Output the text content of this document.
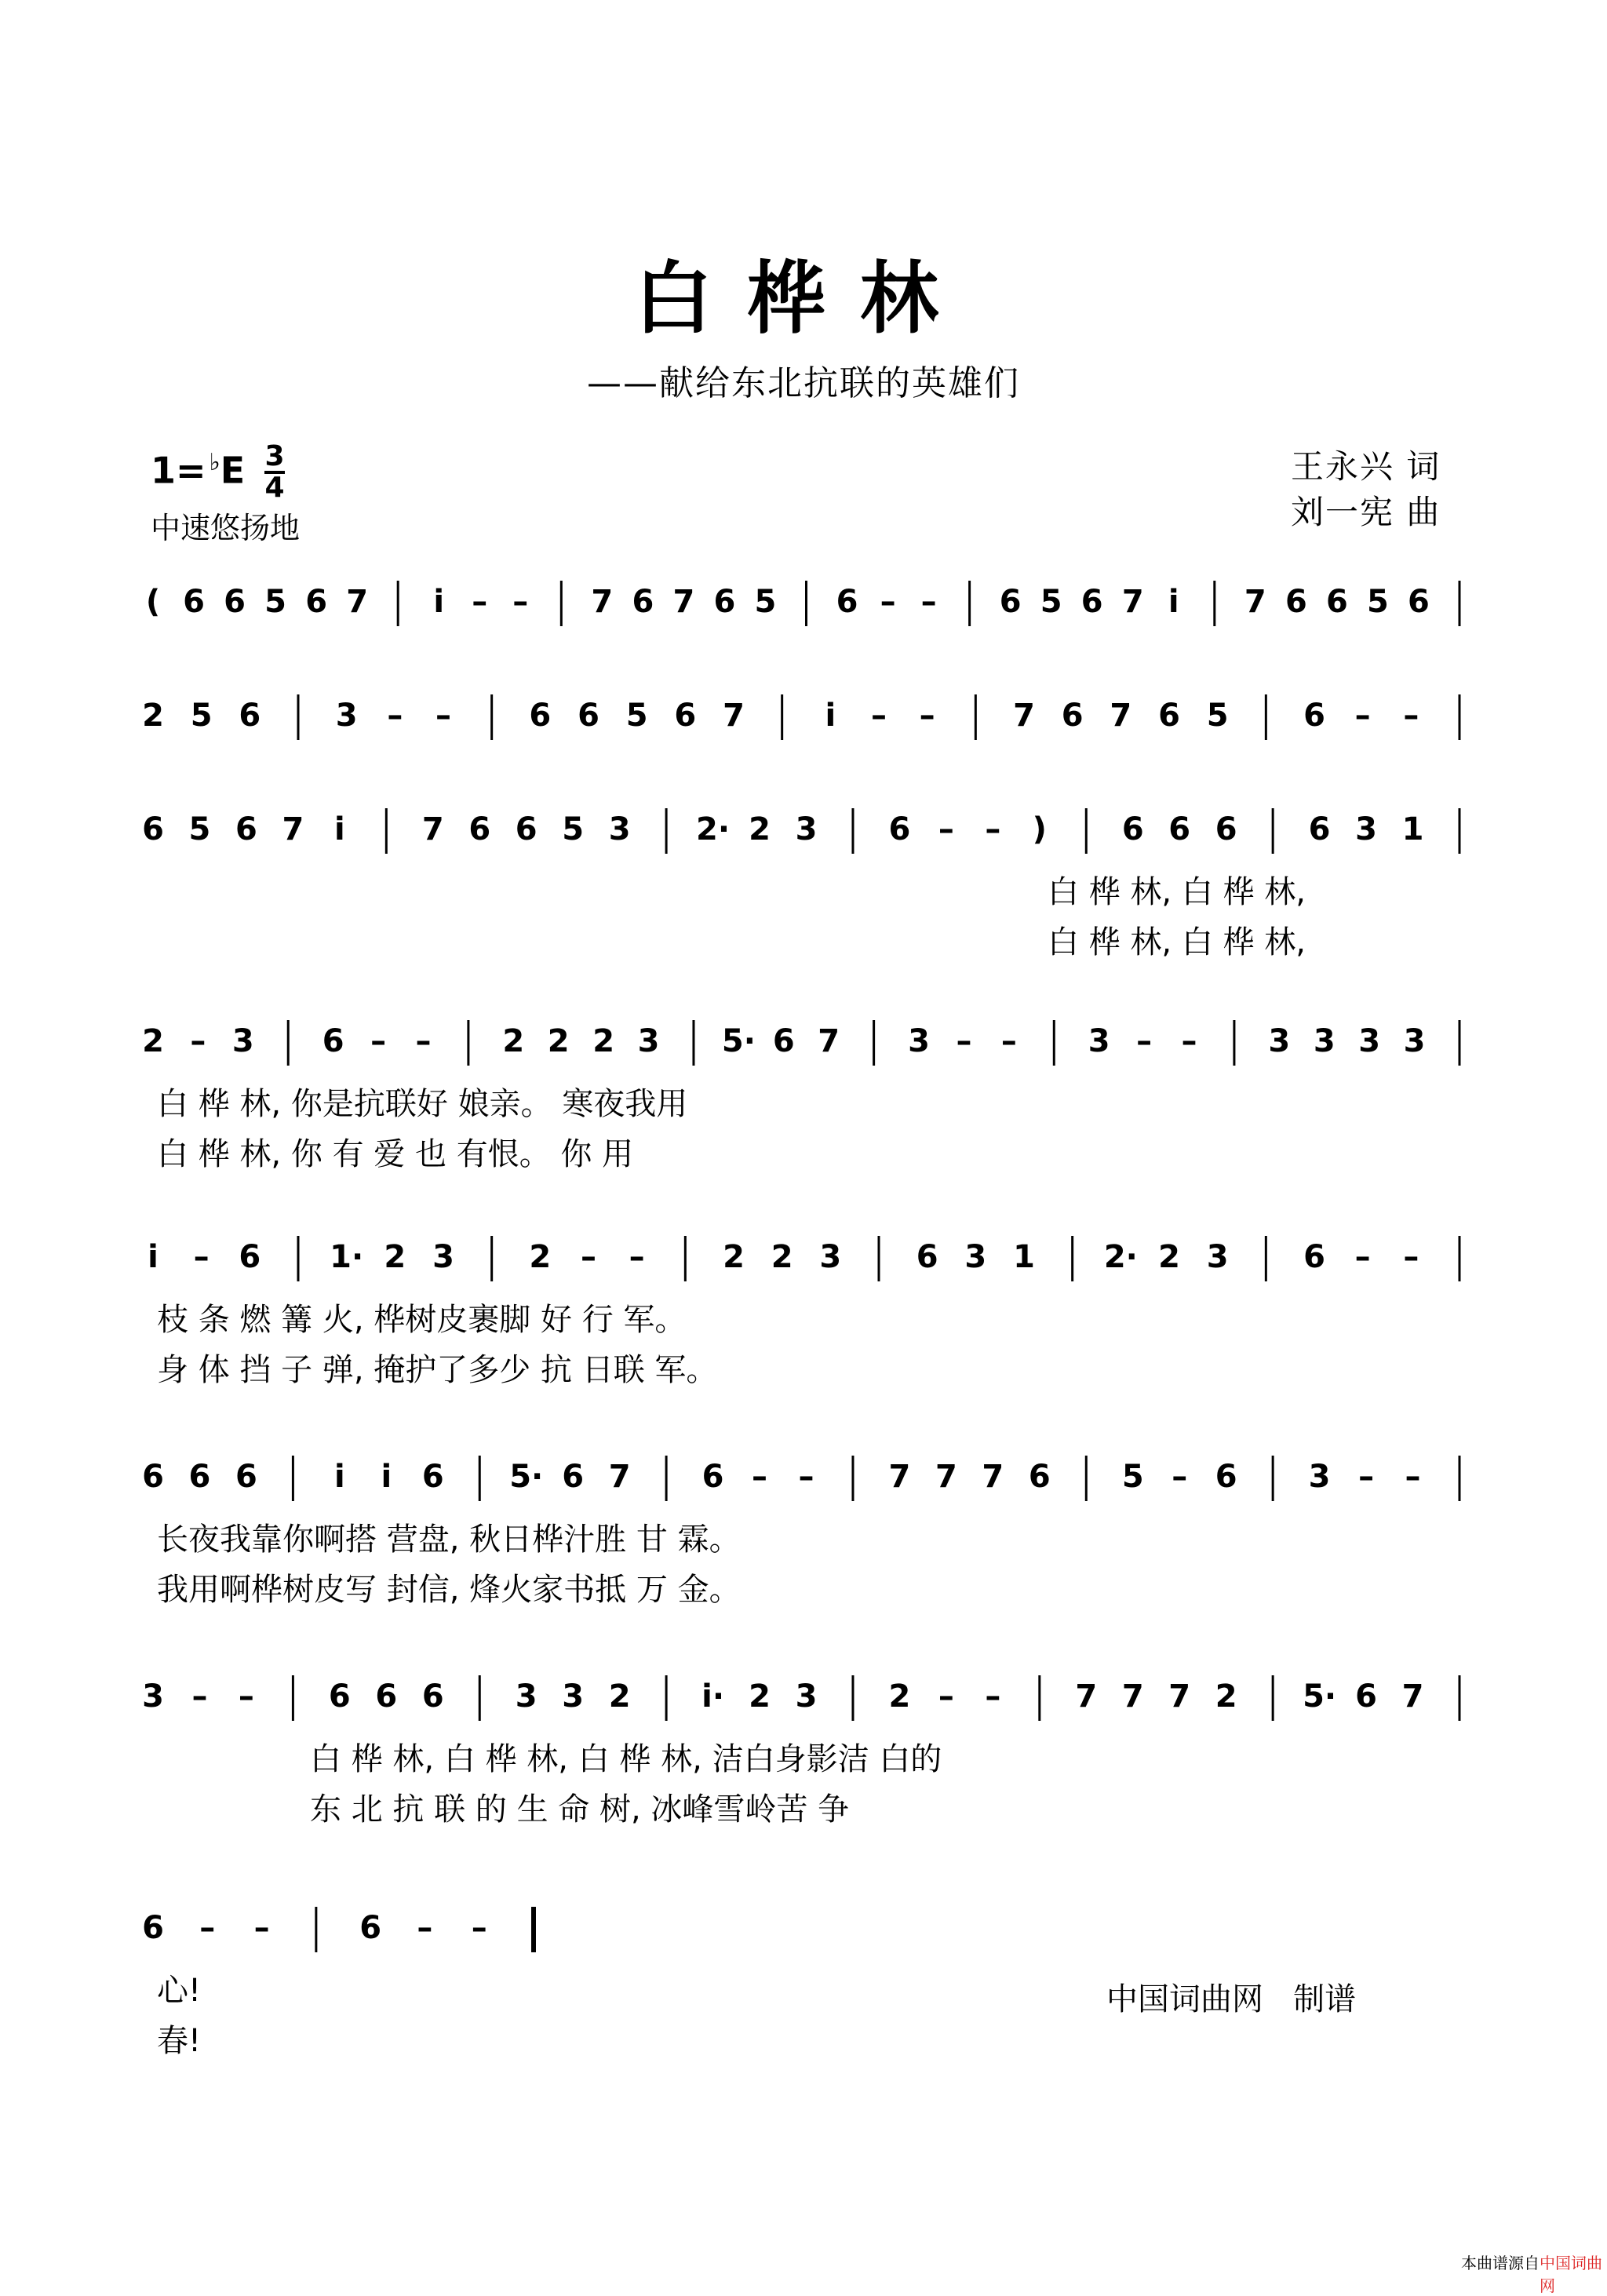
白桦林
——献给东北抗联的英雄们
1= ♭E 3
4
中速悠扬地
王永兴 词
刘一宪 曲
( 6 6 5 6 7 i – – 7 6 7 6 5 6 – – 6 5 6 7 i 7 6 6 5 6
2 5 6 3 – – 6 6 5 6 7	i – – 7 6 7 6 5 6 – –
6 5 6 7 i 7 6 6 5 3 2· 2 3 6 – – ) 6 6 6 6 3 1
白 桦 林, 白 桦 林,
白 桦 林, 白 桦 林,
2 – 3 6 – – 2 2 2 3 5· 6 7 3 – – 3 – – 3 3 3 3
白 桦 林, 你是抗联好 娘亲。 寒夜我用
白 桦 林, 你 有 爱 也 有恨。 你 用
i – 6 1· 2 3 2 – – 2 2 3 6 3 1 2· 2 3 6 – –
枝 条 燃 篝 火, 桦树皮裹脚 好 行 军。
身 体 挡 子 弹, 掩护了多少 抗 日联 军。
6 6 6 i i 6 5· 6 7 6 – – 7 7 7 6 5 – 6 3 – –
长夜我靠你啊搭 营盘, 秋日桦汁胜 甘 霖。
我用啊桦树皮写 封信, 烽火家书抵 万 金。
3 – – 6 6 6 3 3 2 i· 2 3 2 – – 7 7 7 2 5· 6 7
白 桦 林, 白 桦 林, 白 桦 林, 洁白身影洁 白的
东 北 抗 联 的 生 命 树, 冰峰雪岭苦 争
6 – –	6 – –
心!
春!
中国词曲网   制谱
本曲谱源自 中国词曲网
